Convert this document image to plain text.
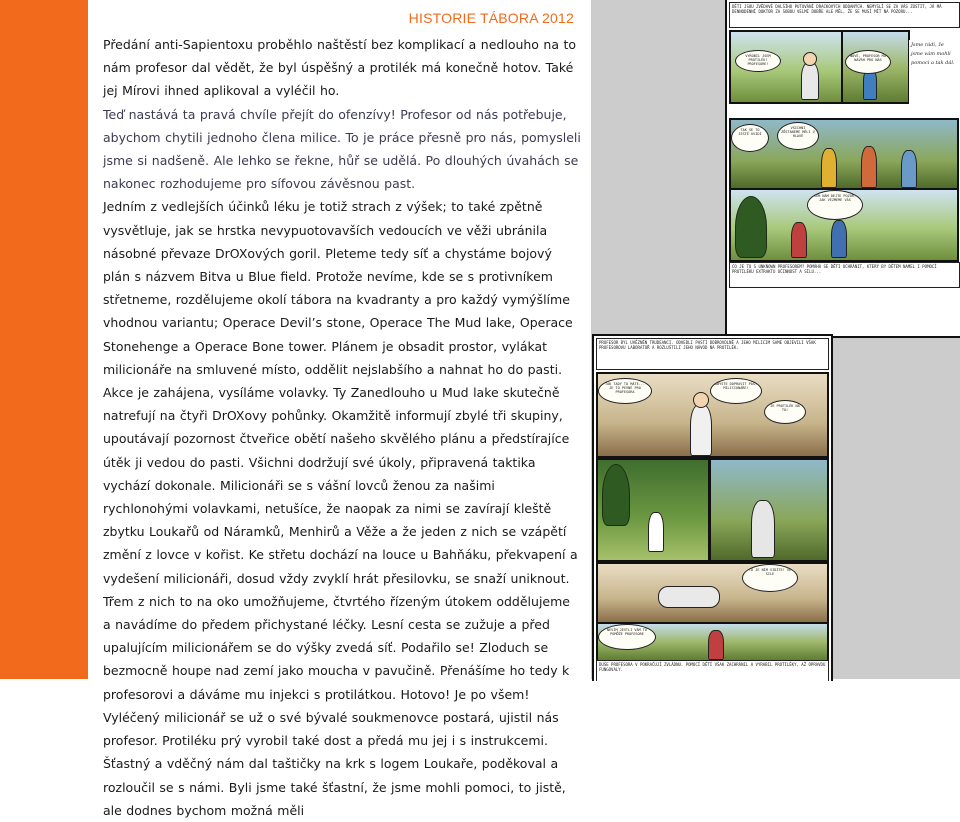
DĚTI JSOU ZVĚDAVÉ DALŠÍHO PUTOVÁNÍ DRACKOVÝCH ODDANÝCH. NEMYSLÍ SE ZA VÁS ZÚSTIT, JÁ MÁ DENNODENNÍ DOKTOR ZA SOBOU VELMI DOBŘE ALE MĚL, ŽE SE MUSÍ MÍT NA POZORU...
VYROBIL JSEM PROTILÉK! PROFESORE!
NOVÉ, PROFESOR MÁ NÁVRH PRO NÁS
Jsme rádi, že jsme vám mohli pomoci a tak dál.
TAK SE TO JEŠTĚ UVIDÍ
VŠICHNI ZŮSTANEME MĚLI V HLAVĚ
SEM NÁM DEJTE POZOR, JAK VEZMEME VÁS
CO JE TO S UNKNOWN PROFESOREM? POMÁHÁ SE DĚTI OCHRÁNIT, KTERÝ BY DĚTEM NAMEL I POMOCÍ PROTILÉKU EXTRAKTU ÚČINNOST A SÍLU...
PROFESOR BYL UVĚZNĚN TRUDEANCI. ODVEDLI PASTI DOBROVOLNĚ A JEHO MILICIM SAME OBJEVILI VŠAK PROFESOROVU LABORATOŘ A ROZLUŠTILI JEHO NÁVOD NA PROTILÉK.
TAK TADY TO MÁTE... JE TO PEVNÉ PRO PROFESORA
ABYSTE DOPRAVIT PÁST MILICIONÁŘE!
JE PROTILÉK NA TO!
TO JE NÍM VIDÍTE! VE SILE
NEVÍM JESTLI VÁM TO POMŮŽE PROFESORE
DUŠE PROFESORA V POKRAČUJÍ ZVLÁDNU. POMOCÍ DĚTÍ VŠAK ZACHRÁNIL A VYRABIL PROTILÉKY, AŽ OPRAVDU FUNGOVALY.
HISTORIE TÁBORA 2012

Předání anti-Sapientoxu proběhlo naštěstí bez komplikací a nedlouho na to nám profesor dal vědět, že byl úspěšný a protilék má konečně hotov. Také jej Mírovi ihned aplikoval a vyléčil ho.

Teď nastává ta pravá chvíle přejít do ofenzívy! Profesor od nás potřebuje, abychom chytili jednoho člena milice. To je práce přesně pro nás, pomysleli jsme si nadšeně. Ale lehko se řekne, hůř se udělá. Po dlouhých úvahách se nakonec rozhodujeme pro sífovou závěsnou past.

Jedním z vedlejších účinků léku je totiž strach z výšek; to také zpětně vysvětluje, jak se hrstka nevypuotovavších vedoucích ve věži ubránila násobné převaze DrOXových goril. Pleteme tedy síť a chystáme bojový plán s názvem Bitva u Blue field. Protože nevíme, kde se s protivníkem střetneme, rozdělujeme okolí tábora na kvadranty a pro každý vymýšlíme vhodnou variantu; Operace Devil’s stone, Operace The Mud lake, Operace Stonehenge a Operace Bone tower. Plánem je obsadit prostor, vylákat milicionáře na smluvené místo, oddělit nejslabšího a nahnat ho do pasti. Akce je zahájena, vysíláme volavky. Ty Zanedlouho u Mud lake skutečně natrefují na čtyři DrOXovy pohůnky. Okamžitě informují zbylé tři skupiny, upoutávají pozornost čtveřice obětí našeho skvělého plánu a předstírajíce útěk ji vedou do pasti. Všichni dodržují své úkoly, připravená taktika vychází dokonale. Milicionáři se s vášní lovců ženou za našimi rychlonohými volavkami, netušíce, že naopak za nimi se zavírají kleště zbytku Loukařů od Náramků, Menhirů a Věže a že jeden z nich se vzápětí změní z lovce v kořist. Ke střetu dochází na louce u Bahňáku, překvapení a vydešení milicionáři, dosud vždy zvyklí hrát přesilovku, se snaží uniknout. Třem z nich to na oko umožňujeme, čtvrtého řízeným útokem oddělujeme a navádíme do předem přichystané léčky. Lesní cesta se zužuje a před upalujícím milicionářem se do výšky zvedá síť. Podařilo se! Zloduch se bezmocně houpe nad zemí jako moucha v pavučině. Přenášíme ho tedy k profesorovi a dáváme mu injekci s protilátkou. Hotovo! Je po všem! Vyléčený milicionář se už o své bývalé soukmenovce postará, ujistil nás profesor. Protiléku prý vyrobil také dost a předá mu jej i s instrukcemi. Šťastný a vděčný nám dal taštičky na krk s logem Loukaře, poděkoval a rozloučil se s námi. Byli jsme také šťastní, že jsme mohli pomoci, to jistě, ale dodnes bychom možná měli
